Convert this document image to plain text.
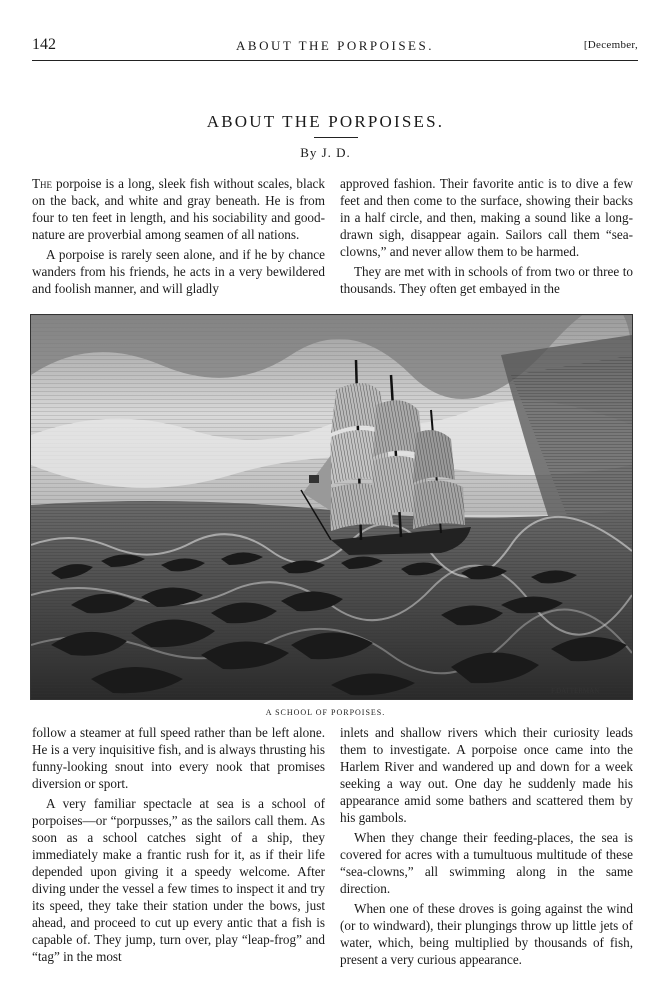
142	ABOUT THE PORPOISES.	[December,
ABOUT THE PORPOISES.
By J. D.

The porpoise is a long, sleek fish without scales, black on the back, and white and gray beneath. He is from four to ten feet in length, and his sociability and good-nature are proverbial among seamen of all nations.

A porpoise is rarely seen alone, and if he by chance wanders from his friends, he acts in a very bewildered and foolish manner, and will gladly

approved fashion. Their favorite antic is to dive a few feet and then come to the surface, showing their backs in a half circle, and then, making a sound like a long-drawn sigh, disappear again. Sailors call them “sea-clowns,” and never allow them to be harmed.

They are met with in schools of from two or three to thousands. They often get embayed in the

F.DATTERMAN
A SCHOOL OF PORPOISES.

follow a steamer at full speed rather than be left alone. He is a very inquisitive fish, and is always thrusting his funny-looking snout into every nook that promises diversion or sport.

A very familiar spectacle at sea is a school of porpoises—or “porpusses,” as the sailors call them. As soon as a school catches sight of a ship, they immediately make a frantic rush for it, as if their life depended upon giving it a speedy welcome. After diving under the vessel a few times to inspect it and try its speed, they take their station under the bows, just ahead, and proceed to cut up every antic that a fish is capable of. They jump, turn over, play “leap-frog” and “tag” in the most

inlets and shallow rivers which their curiosity leads them to investigate. A porpoise once came into the Harlem River and wandered up and down for a week seeking a way out. One day he suddenly made his appearance amid some bathers and scattered them by his gambols.

When they change their feeding-places, the sea is covered for acres with a tumultuous multitude of these “sea-clowns,” all swimming along in the same direction.

When one of these droves is going against the wind (or to windward), their plungings throw up little jets of water, which, being multiplied by thousands of fish, present a very curious appearance.
